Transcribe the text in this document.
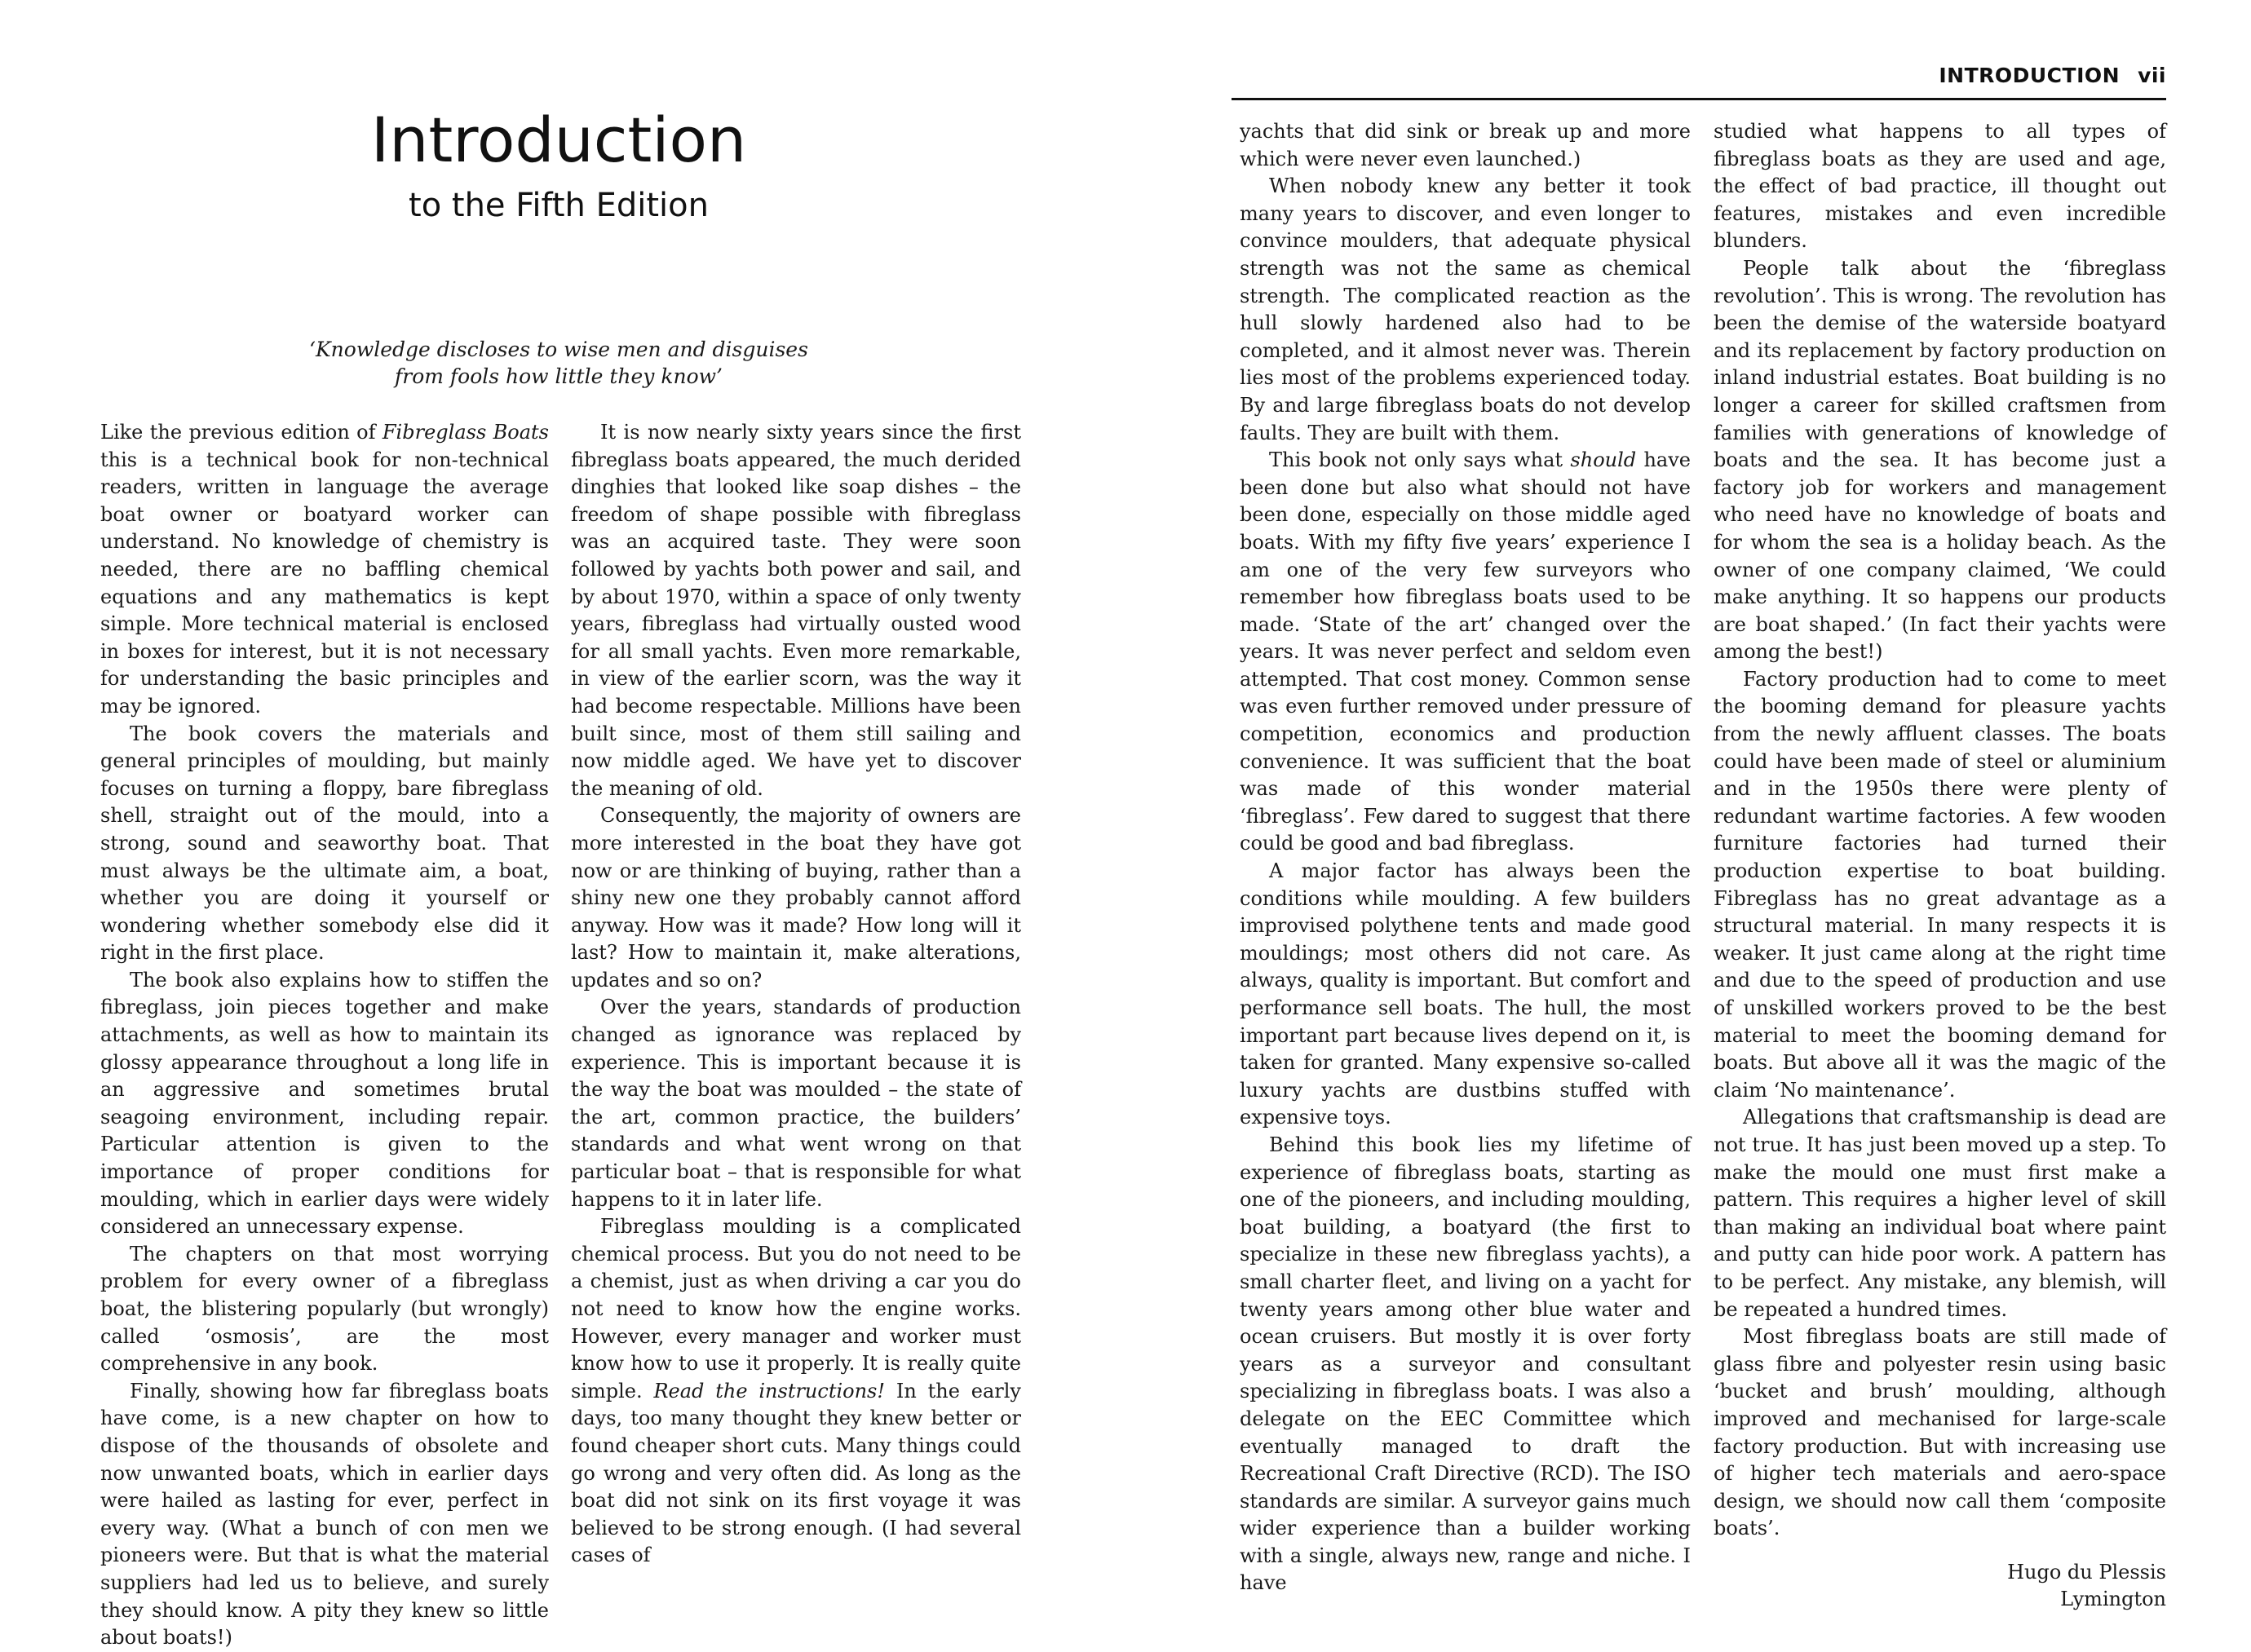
Introduction
to the Fifth Edition
‘Knowledge discloses to wise men and disguises
from fools how little they know’

Like the previous edition of Fibreglass Boats this is a technical book for non-technical readers, written in language the average boat owner or boatyard worker can understand. No knowledge of chemistry is needed, there are no baffling chemical equations and any mathematics is kept simple. More technical material is enclosed in boxes for interest, but it is not necessary for understanding the basic principles and may be ignored.

The book covers the materials and general principles of moulding, but mainly focuses on turning a floppy, bare fibreglass shell, straight out of the mould, into a strong, sound and seaworthy boat. That must always be the ultimate aim, a boat, whether you are doing it yourself or wondering whether somebody else did it right in the first place.

The book also explains how to stiffen the fibreglass, join pieces together and make attachments, as well as how to maintain its glossy appearance throughout a long life in an aggressive and sometimes brutal seagoing environment, including repair. Particular attention is given to the importance of proper conditions for moulding, which in earlier days were widely considered an unnecessary expense.

The chapters on that most worrying problem for every owner of a fibreglass boat, the blistering popularly (but wrongly) called ‘osmosis’, are the most comprehensive in any book.

Finally, showing how far fibreglass boats have come, is a new chapter on how to dispose of the thousands of obsolete and now unwanted boats, which in earlier days were hailed as lasting for ever, perfect in every way. (What a bunch of con men we pioneers were. But that is what the material suppliers had led us to believe, and surely they should know. A pity they knew so little about boats!)

It is now nearly sixty years since the first fibreglass boats appeared, the much derided dinghies that looked like soap dishes – the freedom of shape possible with fibreglass was an acquired taste. They were soon followed by yachts both power and sail, and by about 1970, within a space of only twenty years, fibreglass had virtually ousted wood for all small yachts. Even more remarkable, in view of the earlier scorn, was the way it had become respectable. Millions have been built since, most of them still sailing and now middle aged. We have yet to discover the meaning of old.

Consequently, the majority of owners are more interested in the boat they have got now or are thinking of buying, rather than a shiny new one they probably cannot afford anyway. How was it made? How long will it last? How to maintain it, make alterations, updates and so on?

Over the years, standards of production changed as ignorance was replaced by experience. This is important because it is the way the boat was moulded – the state of the art, common practice, the builders’ standards and what went wrong on that particular boat – that is responsible for what happens to it in later life.

Fibreglass moulding is a complicated chemical process. But you do not need to be a chemist, just as when driving a car you do not need to know how the engine works. However, every manager and worker must know how to use it properly. It is really quite simple. Read the instructions! In the early days, too many thought they knew better or found cheaper short cuts. Many things could go wrong and very often did. As long as the boat did not sink on its first voyage it was believed to be strong enough. (I had several cases of

INTRODUCTION vii

yachts that did sink or break up and more which were never even launched.)

When nobody knew any better it took many years to discover, and even longer to convince moulders, that adequate physical strength was not the same as chemical strength. The complicated reaction as the hull slowly hardened also had to be completed, and it almost never was. Therein lies most of the problems experienced today. By and large fibreglass boats do not develop faults. They are built with them.

This book not only says what should have been done but also what should not have been done, especially on those middle aged boats. With my fifty five years’ experience I am one of the very few surveyors who remember how fibreglass boats used to be made. ‘State of the art’ changed over the years. It was never perfect and seldom even attempted. That cost money. Common sense was even further removed under pressure of competition, economics and production convenience. It was sufficient that the boat was made of this wonder material ‘fibreglass’. Few dared to suggest that there could be good and bad fibreglass.

A major factor has always been the conditions while moulding. A few builders improvised polythene tents and made good mouldings; most others did not care. As always, quality is important. But comfort and performance sell boats. The hull, the most important part because lives depend on it, is taken for granted. Many expensive so-called luxury yachts are dustbins stuffed with expensive toys.

Behind this book lies my lifetime of experience of fibreglass boats, starting as one of the pioneers, and including moulding, boat building, a boatyard (the first to specialize in these new fibreglass yachts), a small charter fleet, and living on a yacht for twenty years among other blue water and ocean cruisers. But mostly it is over forty years as a surveyor and consultant specializing in fibreglass boats. I was also a delegate on the EEC Committee which eventually managed to draft the Recreational Craft Directive (RCD). The ISO standards are similar. A surveyor gains much wider experience than a builder working with a single, always new, range and niche. I have

studied what happens to all types of fibreglass boats as they are used and age, the effect of bad practice, ill thought out features, mistakes and even incredible blunders.

People talk about the ‘fibreglass revolution’. This is wrong. The revolution has been the demise of the waterside boatyard and its replacement by factory production on inland industrial estates. Boat building is no longer a career for skilled craftsmen from families with generations of knowledge of boats and the sea. It has become just a factory job for workers and management who need have no knowledge of boats and for whom the sea is a holiday beach. As the owner of one company claimed, ‘We could make anything. It so happens our products are boat shaped.’ (In fact their yachts were among the best!)

Factory production had to come to meet the booming demand for pleasure yachts from the newly affluent classes. The boats could have been made of steel or aluminium and in the 1950s there were plenty of redundant wartime factories. A few wooden furniture factories had turned their production expertise to boat building. Fibreglass has no great advantage as a structural material. In many respects it is weaker. It just came along at the right time and due to the speed of production and use of unskilled workers proved to be the best material to meet the booming demand for boats. But above all it was the magic of the claim ‘No maintenance’.

Allegations that craftsmanship is dead are not true. It has just been moved up a step. To make the mould one must first make a pattern. This requires a higher level of skill than making an individual boat where paint and putty can hide poor work. A pattern has to be perfect. Any mistake, any blemish, will be repeated a hundred times.

Most fibreglass boats are still made of glass fibre and polyester resin using basic ‘bucket and brush’ moulding, although improved and mechanised for large-scale factory production. But with increasing use of higher tech materials and aero-space design, we should now call them ‘composite boats’.

Hugo du Plessis
Lymington
